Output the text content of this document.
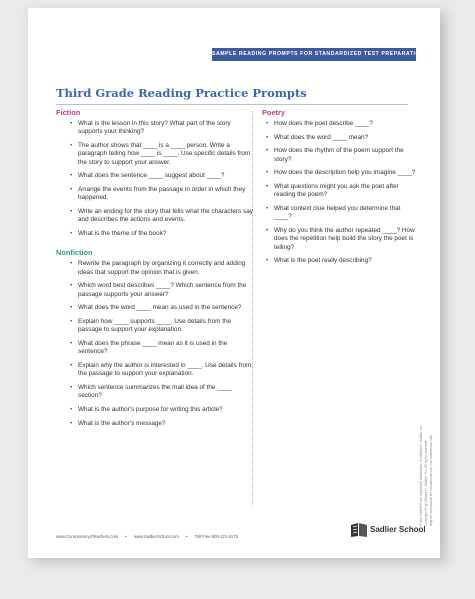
SAMPLE READING PROMPTS FOR STANDARDIZED TEST PREPARATION
Third Grade Reading Practice Prompts
Fiction
• What is the lesson in this story? What part of the story supports your thinking?
• The author shows that ____ is a ____ person. Write a paragraph telling how ____ is ____. Use specific details from the story to support your answer.
• What does the sentence ____ suggest about ____?
• Arrange the events from the passage in order in which they happened.
• Write an ending for the story that tells what the characters say and describes the actions and events.
• What is the theme of the book?
Nonfiction
• Rewrite the paragraph by organizing it correctly and adding ideas that support the opinion that is given.
• Which word best describes ____? Which sentence from the passage supports your answer?
• What does the word ____ mean as used in the sentence?
• Explain how ____ supports ____. Use details from the passage to support your explanation.
• What does the phrase ____ mean as it is used in the sentence?
• Explain why the author is interested in ____. Use details from the passage to support your explanation.
• Which sentence summarizes the mail idea of the ____ section?
• What is the author's purpose for writing this article?
• What is the author's message?
Poetry
• How does the poet describe ____?
• What does the word ____ mean?
• How does the rhythm of the poem support the story?
• How does the description help you imagine ____?
• What questions might you ask the poet after reading the poem?
• What context clue helped you determine that ____?
• Why do you think the author repeated ____? How does the repetition help build the story the poet is telling?
• What is the poet really describing?
® and Sadlier® are registered trademarks of William H. Sadlier, Inc. Copyright © by William H. Sadlier, Inc. All rights reserved. May be reproduced for educational use (not commercial use).
www.CoreLiteracy4Teachers.com • www.SadlierSchool.com • Toll Free 800-221-5175
Sadlier School
